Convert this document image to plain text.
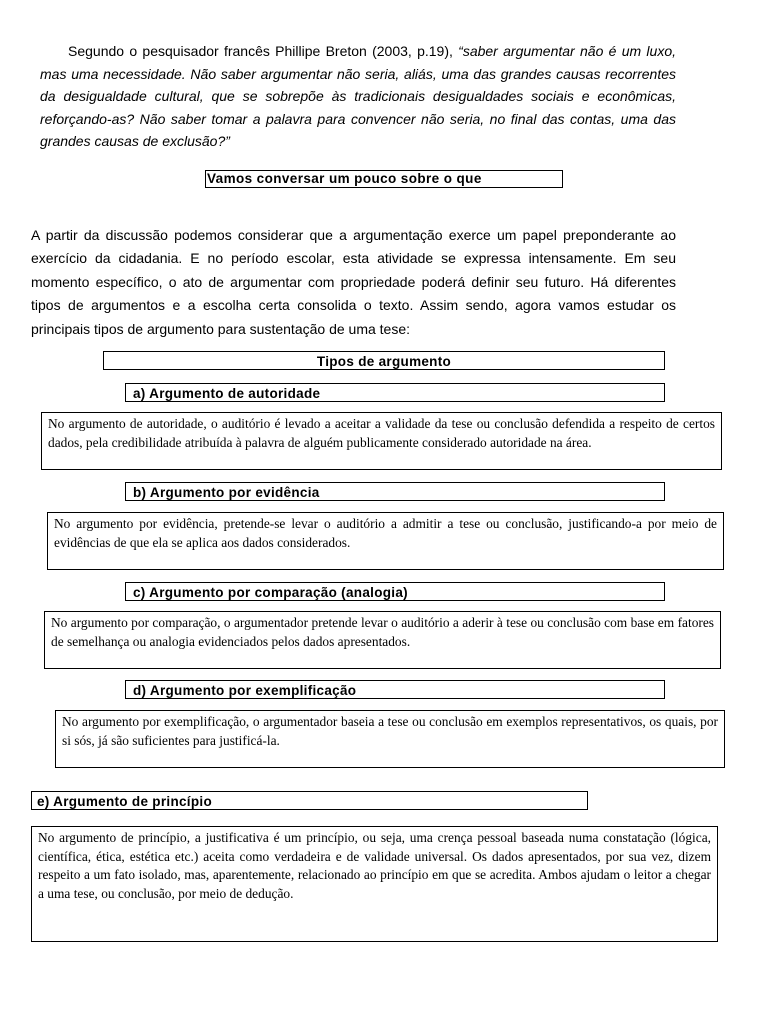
Segundo o pesquisador francês Phillipe Breton (2003, p.19), “saber argumentar não é um luxo, mas uma necessidade. Não saber argumentar não seria, aliás, uma das grandes causas recorrentes da desigualdade cultural, que se sobrepõe às tradicionais desigualdades sociais e econômicas, reforçando-as? Não saber tomar a palavra para convencer não seria, no final das contas, uma das grandes causas de exclusão?”
Vamos conversar um pouco sobre o que
A partir da discussão podemos considerar que a argumentação exerce um papel preponderante ao exercício da cidadania. E no período escolar, esta atividade se expressa intensamente. Em seu momento específico, o ato de argumentar com propriedade poderá definir seu futuro. Há diferentes tipos de argumentos e a escolha certa consolida o texto. Assim sendo, agora vamos estudar os principais tipos de argumento para sustentação de uma tese:
Tipos de argumento
a) Argumento de autoridade
No argumento de autoridade, o auditório é levado a aceitar a validade da tese ou conclusão defendida a respeito de certos dados, pela credibilidade atribuída à palavra de alguém publicamente considerado autoridade na área.
b) Argumento por evidência
No argumento por evidência, pretende-se levar o auditório a admitir a tese ou conclusão, justificando-a por meio de evidências de que ela se aplica aos dados considerados.
c) Argumento por comparação (analogia)
No argumento por comparação, o argumentador pretende levar o auditório a aderir à tese ou conclusão com base em fatores de semelhança ou analogia evidenciados pelos dados apresentados.
d) Argumento por exemplificação
No argumento por exemplificação, o argumentador baseia a tese ou conclusão em exemplos representativos, os quais, por si sós, já são suficientes para justificá-la.
e) Argumento de princípio
No argumento de princípio, a justificativa é um princípio, ou seja, uma crença pessoal baseada numa constatação (lógica, científica, ética, estética etc.) aceita como verdadeira e de validade universal. Os dados apresentados, por sua vez, dizem respeito a um fato isolado, mas, aparentemente, relacionado ao princípio em que se acredita. Ambos ajudam o leitor a chegar a uma tese, ou conclusão, por meio de dedução.
